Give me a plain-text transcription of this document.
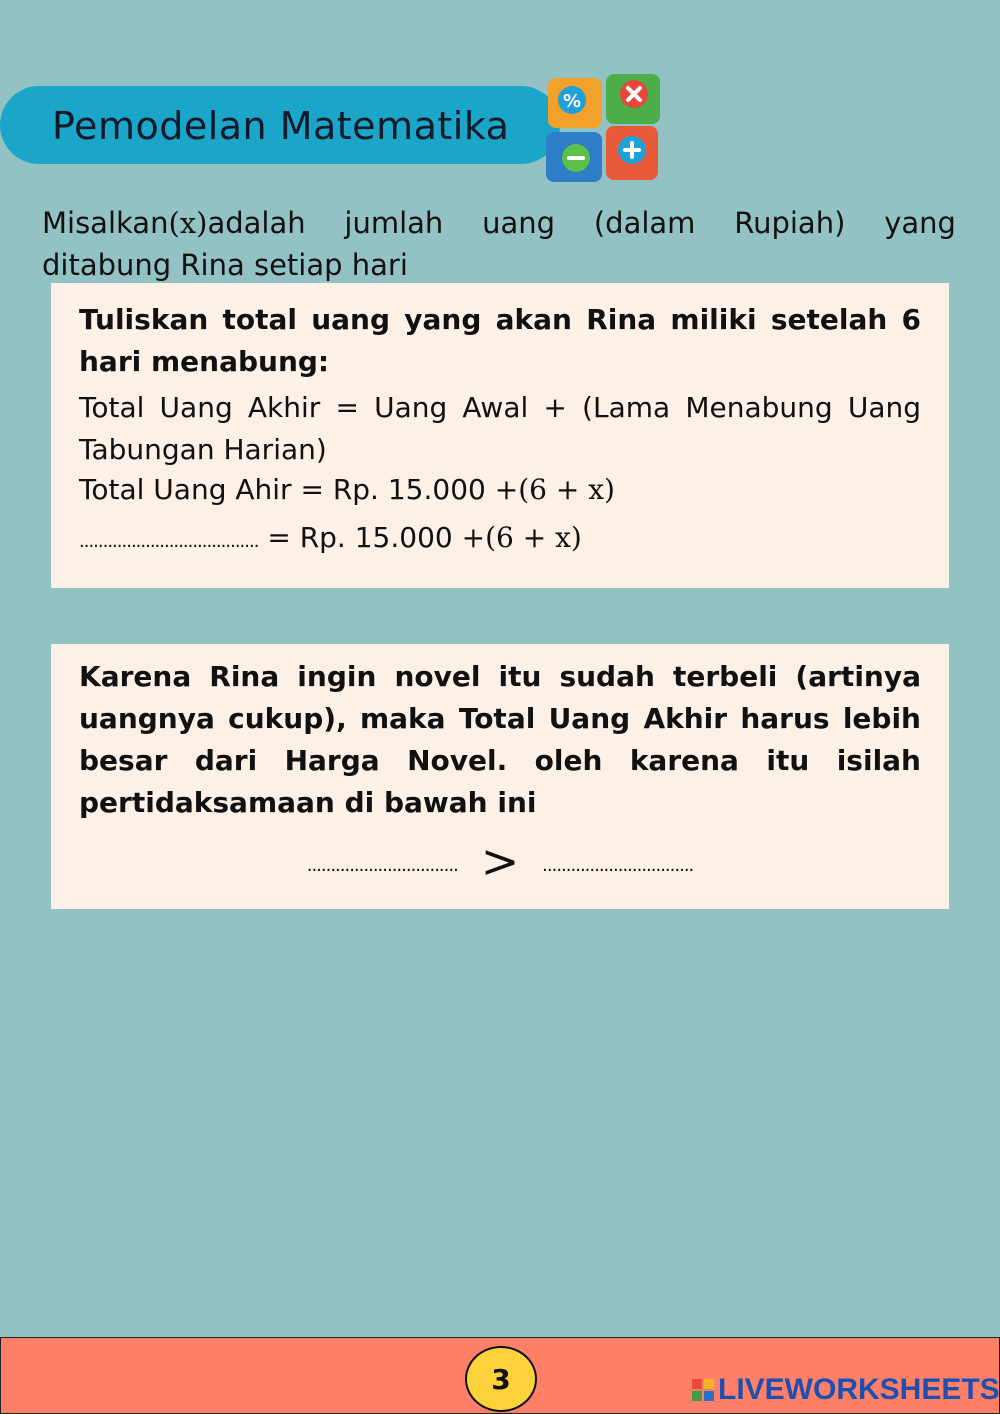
Pemodelan Matematika
%
Misalkan(x)adalah jumlah uang (dalam Rupiah) yang
ditabung Rina setiap hari
Tuliskan total uang yang akan Rina miliki setelah 6 hari menabung:
Total Uang Akhir = Uang Awal + (Lama Menabung Uang Tabungan Harian)
Total Uang Ahir = Rp. 15.000 +(6 + x)
...................................... = Rp. 15.000 +(6 + x)
Karena Rina ingin novel itu sudah terbeli (artinya uangnya cukup), maka Total Uang Akhir harus lebih besar dari Harga Novel. oleh karena itu isilah pertidaksamaan di bawah ini
................................ > ................................
3	LIVEWORKSHEETS
